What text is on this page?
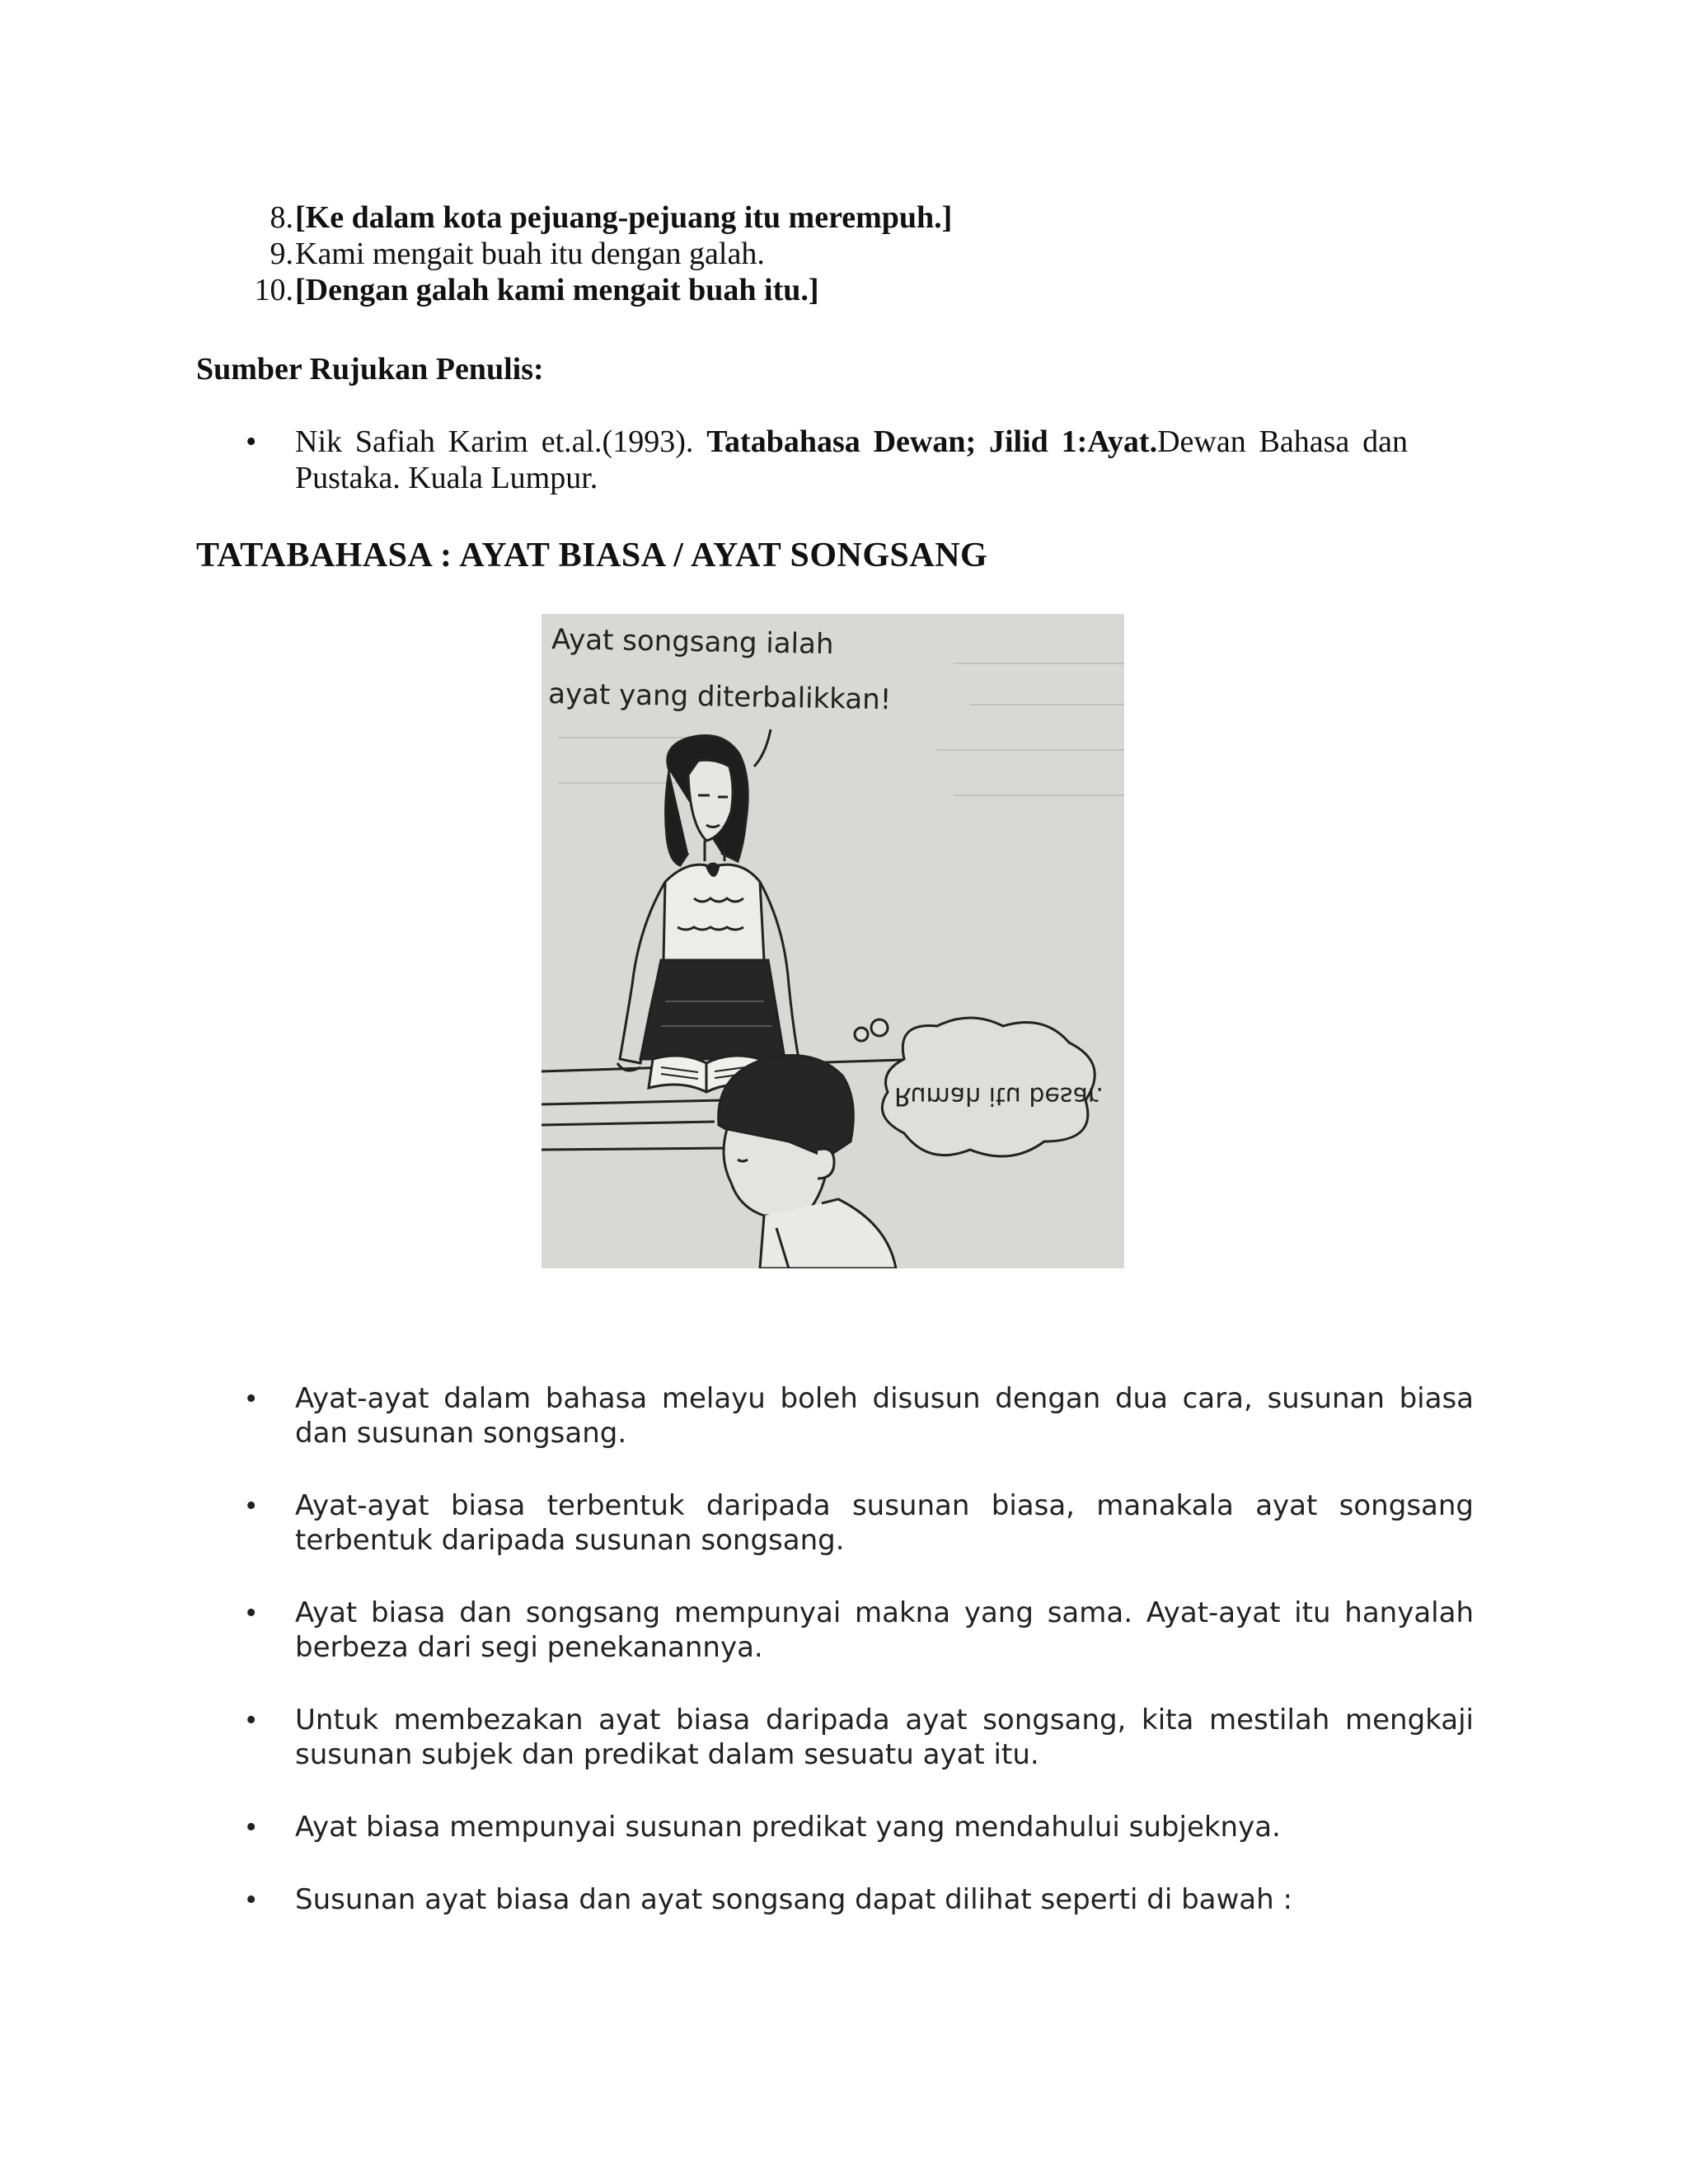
8. [Ke dalam kota pejuang-pejuang itu merempuh.]
9. Kami mengait buah itu dengan galah.
10. [Dengan galah kami mengait buah itu.]
Sumber Rujukan Penulis:
• Nik Safiah Karim et.al.(1993). Tatabahasa Dewan; Jilid 1:Ayat.Dewan Bahasa dan Pustaka. Kuala Lumpur.
TATABAHASA : AYAT BIASA / AYAT SONGSANG
Ayat songsang ialah
ayat yang diterbalikkan!
Rumah itu besar.
• Ayat-ayat dalam bahasa melayu boleh disusun dengan dua cara, susunan biasa dan susunan songsang.
• Ayat-ayat biasa terbentuk daripada susunan biasa, manakala ayat songsang terbentuk daripada susunan songsang.
• Ayat biasa dan songsang mempunyai makna yang sama. Ayat-ayat itu hanyalah berbeza dari segi penekanannya.
• Untuk membezakan ayat biasa daripada ayat songsang, kita mestilah mengkaji susunan subjek dan predikat dalam sesuatu ayat itu.
• Ayat biasa mempunyai susunan predikat yang mendahului subjeknya.
• Susunan ayat biasa dan ayat songsang dapat dilihat seperti di bawah :
